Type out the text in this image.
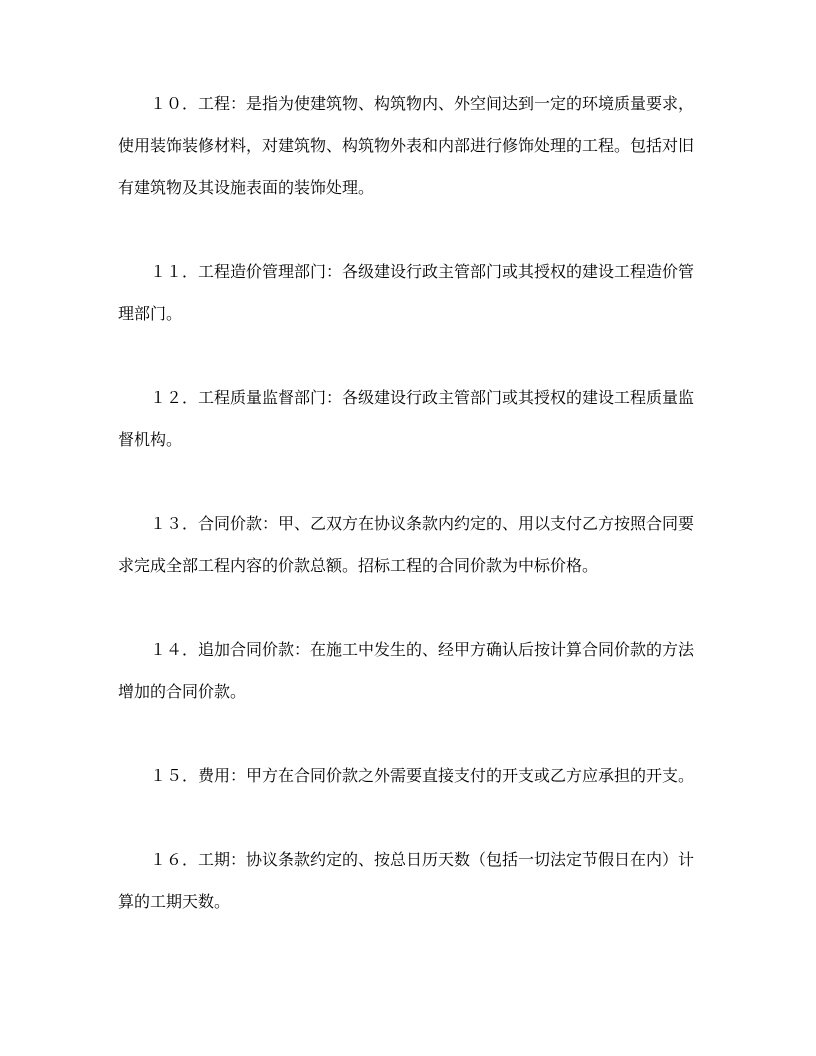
１０．工程：是指为使建筑物、构筑物内、外空间达到一定的环境质量要求，使用装饰装修材料，对建筑物、构筑物外表和内部进行修饰处理的工程。包括对旧有建筑物及其设施表面的装饰处理。

１１．工程造价管理部门：各级建设行政主管部门或其授权的建设工程造价管理部门。

１２．工程质量监督部门：各级建设行政主管部门或其授权的建设工程质量监督机构。

１３．合同价款：甲、乙双方在协议条款内约定的、用以支付乙方按照合同要求完成全部工程内容的价款总额。招标工程的合同价款为中标价格。

１４．追加合同价款：在施工中发生的、经甲方确认后按计算合同价款的方法增加的合同价款。

１５．费用：甲方在合同价款之外需要直接支付的开支或乙方应承担的开支。

１６．工期：协议条款约定的、按总日历天数（包括一切法定节假日在内）计算的工期天数。
